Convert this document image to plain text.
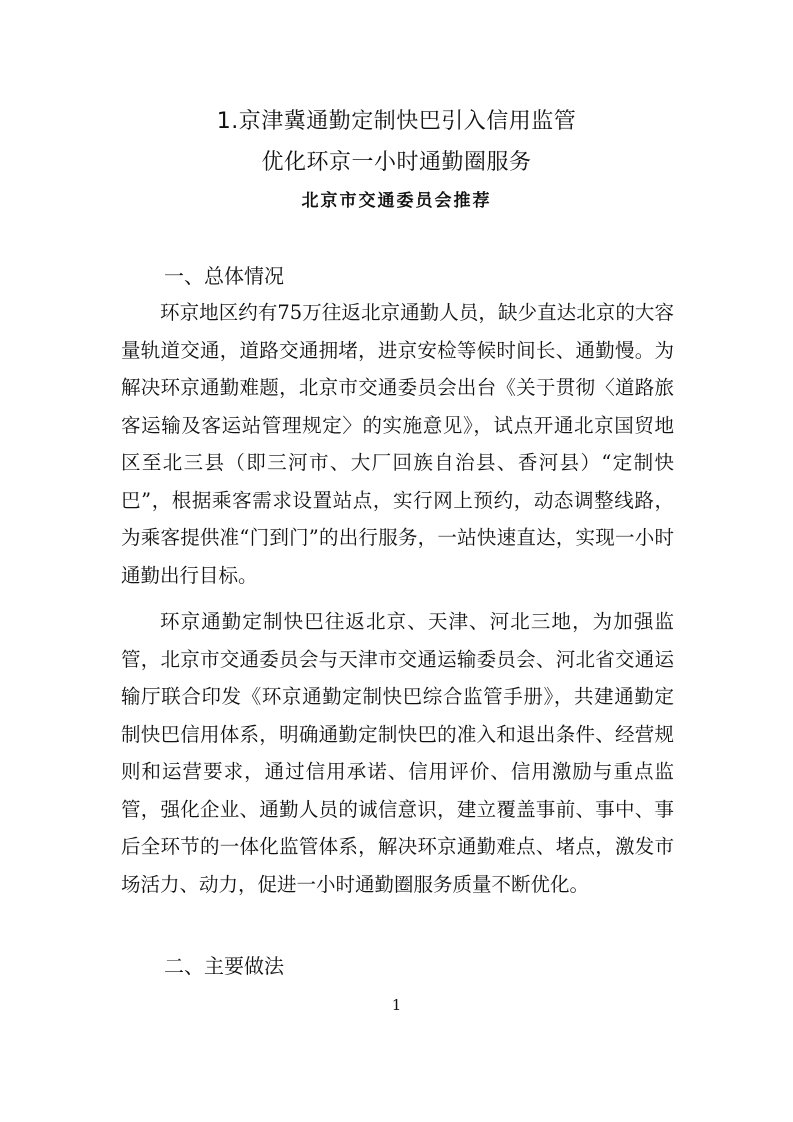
1.京津冀通勤定制快巴引入信用监管
优化环京一小时通勤圈服务
北京市交通委员会推荐
一、总体情况

环京地区约有75万往返北京通勤人员，缺少直达北京的大容量轨道交通，道路交通拥堵，进京安检等候时间长、通勤慢。为解决环京通勤难题，北京市交通委员会出台《关于贯彻〈道路旅客运输及客运站管理规定〉的实施意见》，试点开通北京国贸地区至北三县（即三河市、大厂回族自治县、香河县）“定制快巴”，根据乘客需求设置站点，实行网上预约，动态调整线路，为乘客提供准“门到门”的出行服务，一站快速直达，实现一小时通勤出行目标。

环京通勤定制快巴往返北京、天津、河北三地，为加强监管，北京市交通委员会与天津市交通运输委员会、河北省交通运输厅联合印发《环京通勤定制快巴综合监管手册》，共建通勤定制快巴信用体系，明确通勤定制快巴的准入和退出条件、经营规则和运营要求，通过信用承诺、信用评价、信用激励与重点监管，强化企业、通勤人员的诚信意识，建立覆盖事前、事中、事后全环节的一体化监管体系，解决环京通勤难点、堵点，激发市场活力、动力，促进一小时通勤圈服务质量不断优化。

二、主要做法
1
